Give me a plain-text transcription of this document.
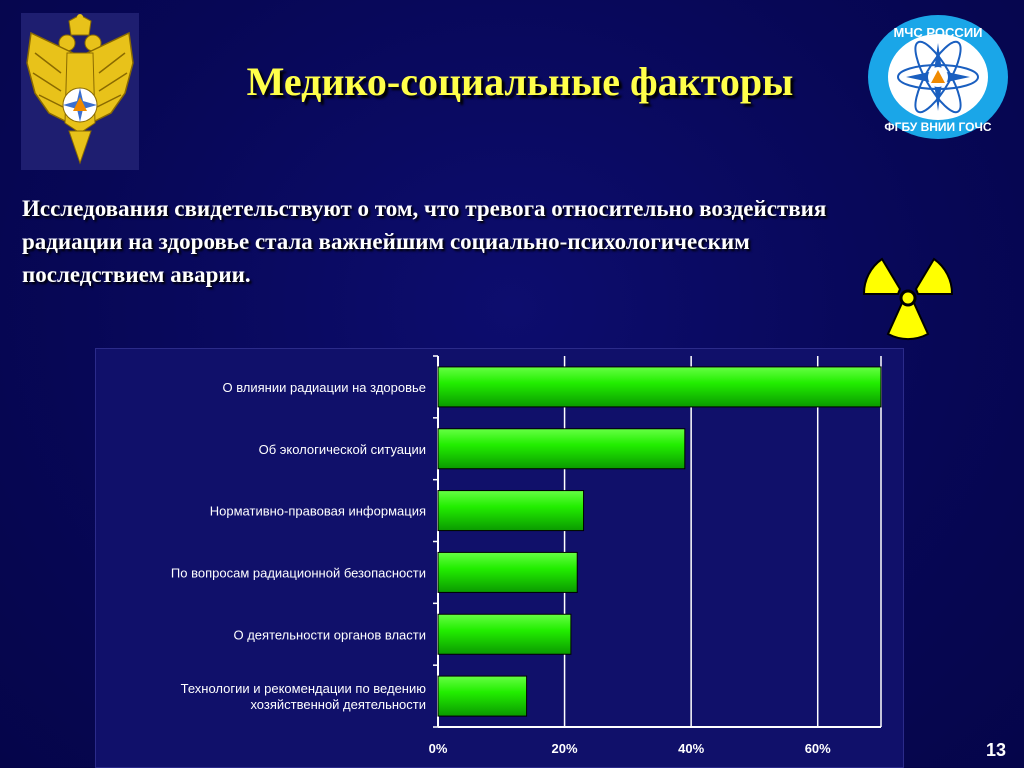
МЧС РОССИИ
ФГБУ ВНИИ ГОЧС
Медико-социальные факторы
Исследования свидетельствуют о том, что тревога относительно воздействия
радиации на здоровье стала важнейшим социально-психологическим
последствием аварии.
О влиянии радиации на здоровье
Об экологической ситуации
Нормативно-правовая информация
По вопросам радиационной безопасности
О деятельности органов власти
Технологии и рекомендации по ведению
хозяйственной деятельности
0%	20%	40%	60%	13
